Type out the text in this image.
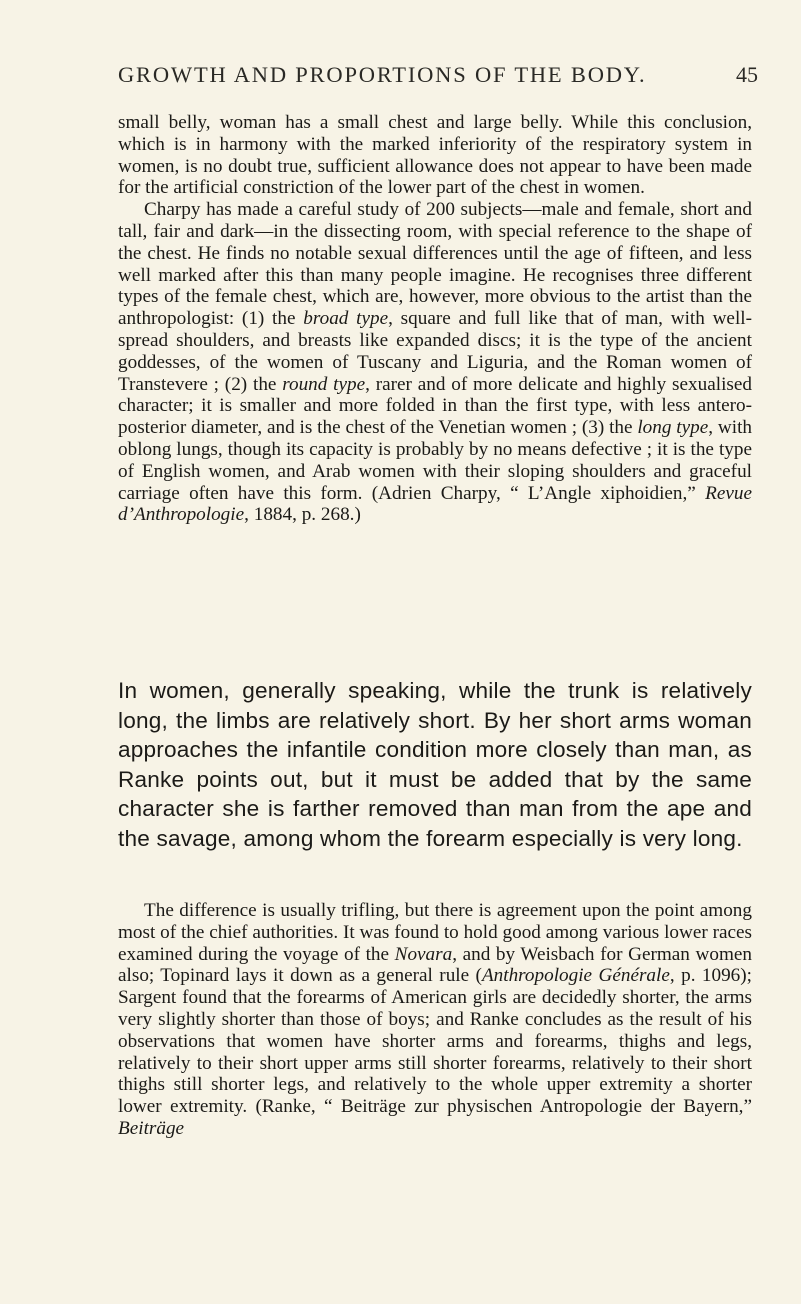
GROWTH AND PROPORTIONS OF THE BODY.	45

small belly, woman has a small chest and large belly. While this conclusion, which is in harmony with the marked inferiority of the respiratory system in women, is no doubt true, sufficient allowance does not appear to have been made for the artificial constriction of the lower part of the chest in women.

Charpy has made a careful study of 200 subjects—male and female, short and tall, fair and dark—in the dissecting room, with special reference to the shape of the chest. He finds no notable sexual differences until the age of fifteen, and less well marked after this than many people imagine. He recognises three different types of the female chest, which are, however, more obvious to the artist than the anthropologist: (1) the broad type, square and full like that of man, with well-spread shoulders, and breasts like expanded discs; it is the type of the ancient goddesses, of the women of Tuscany and Liguria, and the Roman women of Transtevere ; (2) the round type, rarer and of more delicate and highly sexualised character; it is smaller and more folded in than the first type, with less antero-posterior diameter, and is the chest of the Venetian women ; (3) the long type, with oblong lungs, though its capacity is probably by no means defective ; it is the type of English women, and Arab women with their sloping shoulders and graceful carriage often have this form. (Adrien Charpy, “ L’Angle xiphoidien,” Revue d’Anthropologie, 1884, p. 268.)

In women, generally speaking, while the trunk is relatively long, the limbs are relatively short. By her short arms woman approaches the infantile condition more closely than man, as Ranke points out, but it must be added that by the same character she is farther removed than man from the ape and the savage, among whom the forearm especially is very long.

The difference is usually trifling, but there is agreement upon the point among most of the chief authorities. It was found to hold good among various lower races examined during the voyage of the Novara, and by Weisbach for German women also; Topinard lays it down as a general rule (Anthropologie Générale, p. 1096); Sargent found that the forearms of American girls are decidedly shorter, the arms very slightly shorter than those of boys; and Ranke concludes as the result of his observations that women have shorter arms and forearms, thighs and legs, relatively to their short upper arms still shorter forearms, relatively to their short thighs still shorter legs, and relatively to the whole upper extremity a shorter lower extremity. (Ranke, “ Beiträge zur physischen Antropologie der Bayern,” Beiträge
